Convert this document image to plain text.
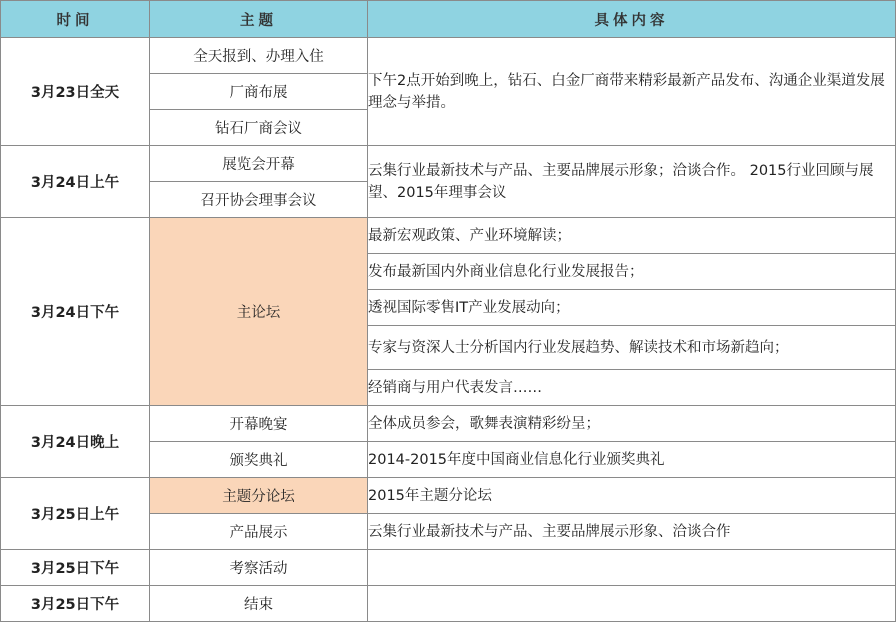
时间	主题	具体内容
3月23日全天	全天报到、办理入住	下午2点开始到晚上，钻石、白金厂商带来精彩最新产品发布、沟通企业渠道发展理念与举措。
	厂商布展	
	钻石厂商会议	
3月24日上午	展览会开幕	云集行业最新技术与产品、主要品牌展示形象；洽谈合作。 2015行业回顾与展望、2015年理事会议
	召开协会理事会议	
3月24日下午	主论坛	最新宏观政策、产业环境解读；
		发布最新国内外商业信息化行业发展报告；
		透视国际零售IT产业发展动向；
		专家与资深人士分析国内行业发展趋势、解读技术和市场新趋向；
		经销商与用户代表发言……
3月24日晚上	开幕晚宴	全体成员参会，歌舞表演精彩纷呈；
	颁奖典礼	2014-2015年度中国商业信息化行业颁奖典礼
3月25日上午	主题分论坛	2015年主题分论坛
	产品展示	云集行业最新技术与产品、主要品牌展示形象、洽谈合作
3月25日下午	考察活动	
3月25日下午	结束	
